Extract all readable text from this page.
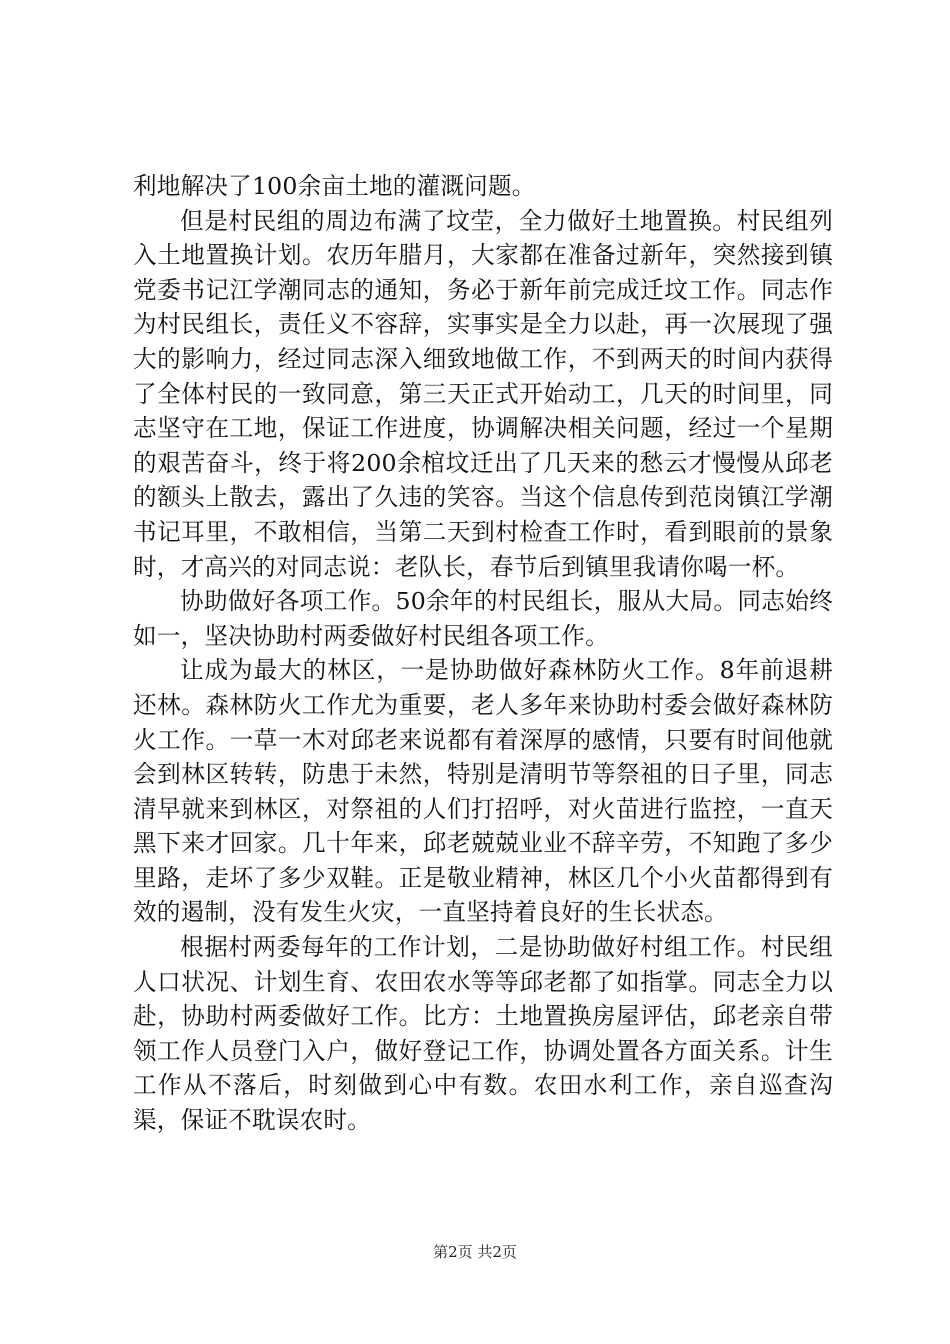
利地解决了100余亩土地的灌溉问题。

但是村民组的周边布满了坟茔，全力做好土地置换。村民组列入土地置换计划。农历年腊月，大家都在准备过新年，突然接到镇党委书记江学潮同志的通知，务必于新年前完成迁坟工作。同志作为村民组长，责任义不容辞，实事实是全力以赴，再一次展现了强大的影响力，经过同志深入细致地做工作，不到两天的时间内获得了全体村民的一致同意，第三天正式开始动工，几天的时间里，同志坚守在工地，保证工作进度，协调解决相关问题，经过一个星期的艰苦奋斗，终于将200余棺坟迁出了几天来的愁云才慢慢从邱老的额头上散去，露出了久违的笑容。当这个信息传到范岗镇江学潮书记耳里，不敢相信，当第二天到村检查工作时，看到眼前的景象时，才高兴的对同志说：老队长，春节后到镇里我请你喝一杯。

协助做好各项工作。50余年的村民组长，服从大局。同志始终如一，坚决协助村两委做好村民组各项工作。

让成为最大的林区，一是协助做好森林防火工作。8年前退耕还林。森林防火工作尤为重要，老人多年来协助村委会做好森林防火工作。一草一木对邱老来说都有着深厚的感情，只要有时间他就会到林区转转，防患于未然，特别是清明节等祭祖的日子里，同志清早就来到林区，对祭祖的人们打招呼，对火苗进行监控，一直天黑下来才回家。几十年来，邱老兢兢业业不辞辛劳，不知跑了多少里路，走坏了多少双鞋。正是敬业精神，林区几个小火苗都得到有效的遏制，没有发生火灾，一直坚持着良好的生长状态。

根据村两委每年的工作计划，二是协助做好村组工作。村民组人口状况、计划生育、农田农水等等邱老都了如指掌。同志全力以赴，协助村两委做好工作。比方：土地置换房屋评估，邱老亲自带领工作人员登门入户，做好登记工作，协调处置各方面关系。计生工作从不落后，时刻做到心中有数。农田水利工作，亲自巡查沟渠，保证不耽误农时。

第2页 共2页
